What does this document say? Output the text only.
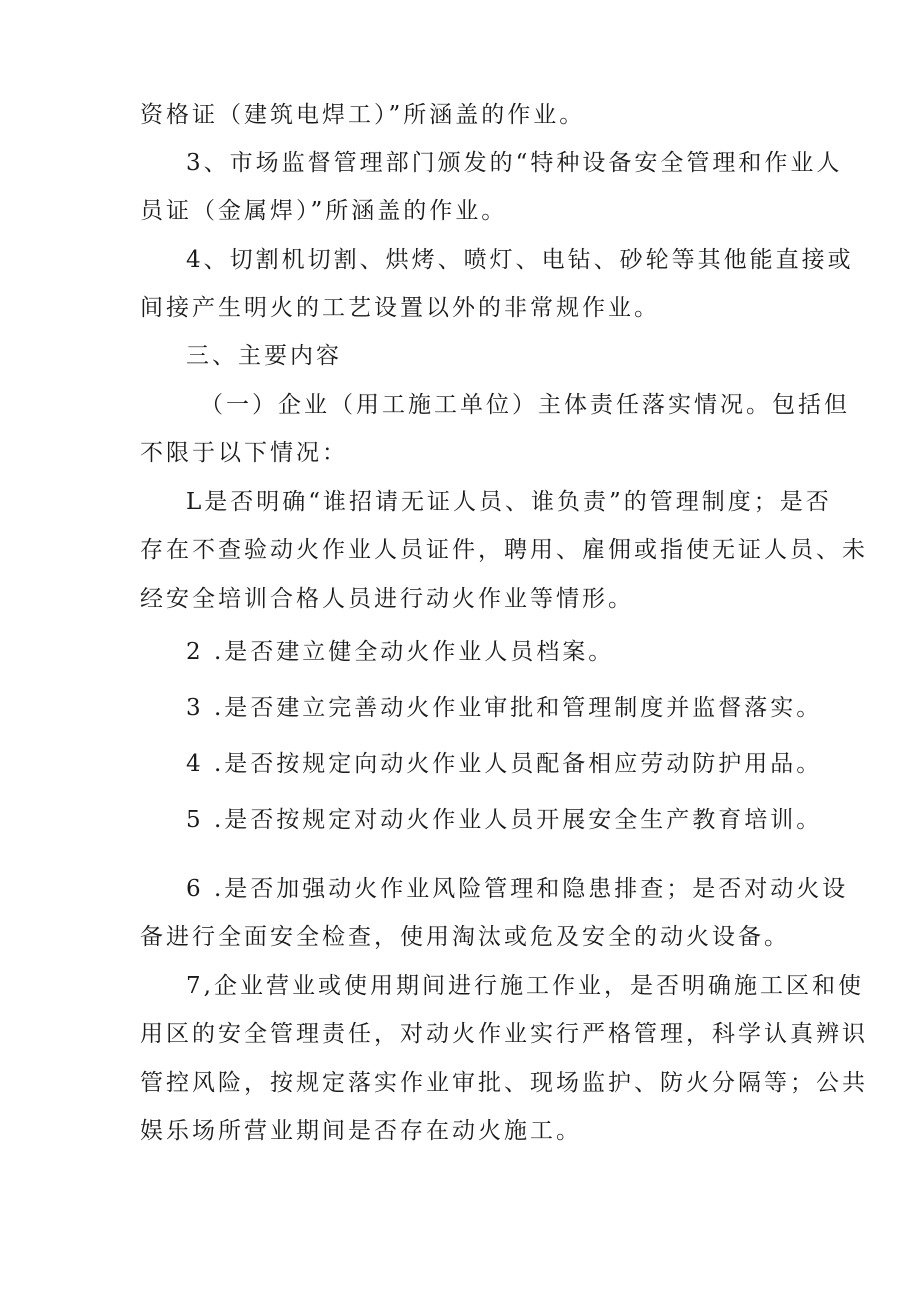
资格证（建筑电焊工）”所涵盖的作业。
3、市场监督管理部门颁发的“特种设备安全管理和作业人
员证（金属焊）”所涵盖的作业。
4、切割机切割、烘烤、喷灯、电钻、砂轮等其他能直接或
间接产生明火的工艺设置以外的非常规作业。
三、主要内容
（一）企业（用工施工单位）主体责任落实情况。包括但
不限于以下情况：
L是否明确“谁招请无证人员、谁负责”的管理制度；是否
存在不查验动火作业人员证件，聘用、雇佣或指使无证人员、未
经安全培训合格人员进行动火作业等情形。
2 .是否建立健全动火作业人员档案。
3 .是否建立完善动火作业审批和管理制度并监督落实。
4 .是否按规定向动火作业人员配备相应劳动防护用品。
5 .是否按规定对动火作业人员开展安全生产教育培训。
6 .是否加强动火作业风险管理和隐患排查；是否对动火设
备进行全面安全检查，使用淘汰或危及安全的动火设备。
7,企业营业或使用期间进行施工作业，是否明确施工区和使
用区的安全管理责任，对动火作业实行严格管理，科学认真辨识
管控风险，按规定落实作业审批、现场监护、防火分隔等；公共
娱乐场所营业期间是否存在动火施工。
